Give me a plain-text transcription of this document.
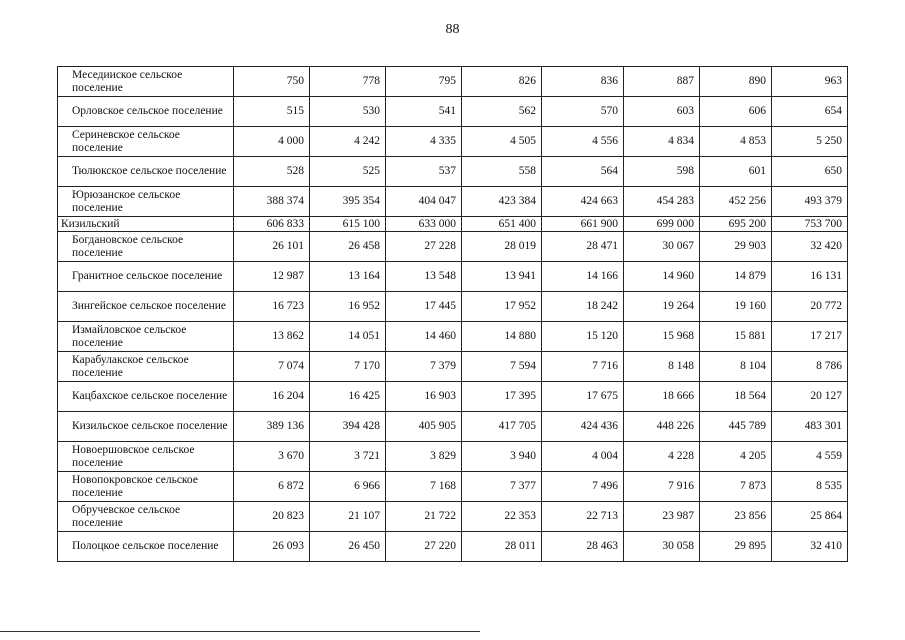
88
Меседииское сельское поселение	750	778	795	826	836	887	890	963
Орловское сельское поселение	515	530	541	562	570	603	606	654
Сериневское сельское поселение	4 000	4 242	4 335	4 505	4 556	4 834	4 853	5 250
Тюлюкское сельское поселение	528	525	537	558	564	598	601	650
Юрюзанское сельское поселение	388 374	395 354	404 047	423 384	424 663	454 283	452 256	493 379
Кизильский	606 833	615 100	633 000	651 400	661 900	699 000	695 200	753 700
Богдановское сельское поселение	26 101	26 458	27 228	28 019	28 471	30 067	29 903	32 420
Гранитное сельское поселение	12 987	13 164	13 548	13 941	14 166	14 960	14 879	16 131
Зингейское сельское поселение	16 723	16 952	17 445	17 952	18 242	19 264	19 160	20 772
Измайловское сельское поселение	13 862	14 051	14 460	14 880	15 120	15 968	15 881	17 217
Карабулакское сельское поселение	7 074	7 170	7 379	7 594	7 716	8 148	8 104	8 786
Кацбахское сельское поселение	16 204	16 425	16 903	17 395	17 675	18 666	18 564	20 127
Кизильское сельское поселение	389 136	394 428	405 905	417 705	424 436	448 226	445 789	483 301
Новоершовское сельское поселение	3 670	3 721	3 829	3 940	4 004	4 228	4 205	4 559
Новопокровское сельское поселение	6 872	6 966	7 168	7 377	7 496	7 916	7 873	8 535
Обручевское сельское поселение	20 823	21 107	21 722	22 353	22 713	23 987	23 856	25 864
Полоцкое сельское поселение	26 093	26 450	27 220	28 011	28 463	30 058	29 895	32 410
